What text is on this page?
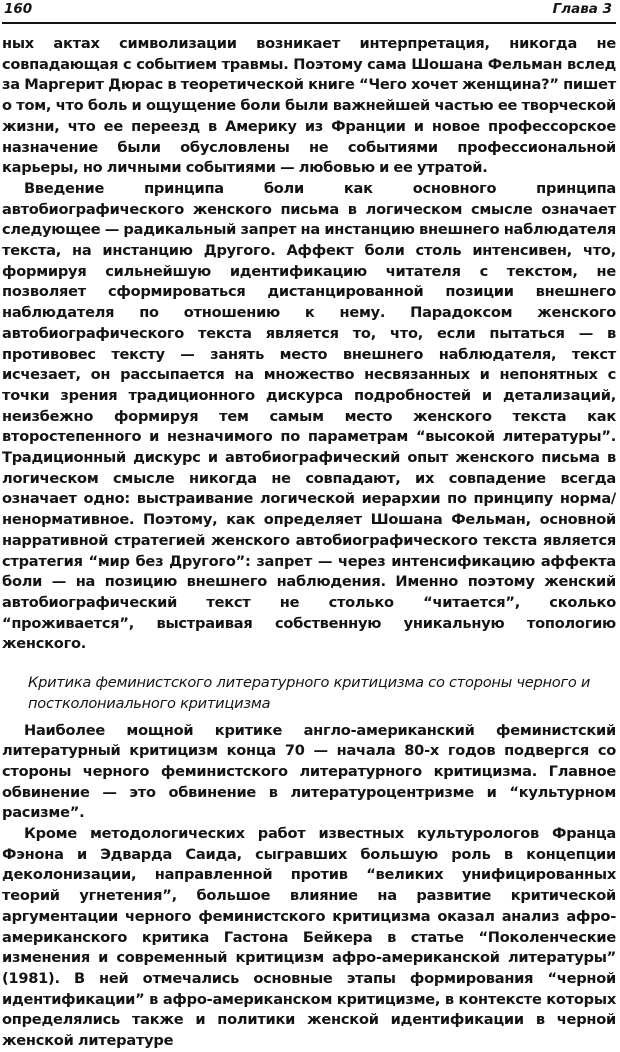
160	Глава 3

ных актах символизации возникает интерпретация, никогда не совпадающая с событием травмы. Поэтому сама Шошана Фельман вслед за Маргерит Дюрас в теоретической книге “Чего хочет женщина?” пишет о том, что боль и ощущение боли были важнейшей частью ее творческой жизни, что ее переезд в Америку из Франции и новое профессорское назначение были обусловлены не событиями профессиональной карьеры, но личными событиями — любовью и ее утратой.

Введение принципа боли как основного принципа автобиографического женского письма в логическом смысле означает следующее — радикальный запрет на инстанцию внешнего наблюдателя текста, на инстанцию Другого. Аффект боли столь интенсивен, что, формируя сильнейшую идентификацию читателя с текстом, не позволяет сформироваться дистанцированной позиции внешнего наблюдателя по отношению к нему. Парадоксом женского автобиографического текста является то, что, если пытаться — в противовес тексту — занять место внешнего наблюдателя, текст исчезает, он рассыпается на множество несвязанных и непонятных с точки зрения традиционного дискурса подробностей и детализаций, неизбежно формируя тем самым место женского текста как второстепенного и незначимого по параметрам “высокой литературы”. Традиционный дискурс и автобиографический опыт женского письма в логическом смысле никогда не совпадают, их совпадение всегда означает одно: выстраивание логической иерархии по принципу норма/ненормативное. Поэтому, как определяет Шошана Фельман, основной нарративной стратегией женского автобиографического текста является стратегия “мир без Другого”: запрет — через интенсификацию аффекта боли — на позицию внешнего наблюдения. Именно поэтому женский автобиографический текст не столько “читается”, сколько “проживается”, выстраивая собственную уникальную топологию женского.

Критика феминистского литературного критицизма со стороны черного и постколониального критицизма

Наиболее мощной критике англо-американский феминистский литературный критицизм конца 70 — начала 80-х годов подвергся со стороны черного феминистского литературного критицизма. Главное обвинение — это обвинение в литературоцентризме и “культурном расизме”.

Кроме методологических работ известных культурологов Франца Фэнона и Эдварда Саида, сыгравших большую роль в концепции деколонизации, направленной против “великих унифицированных теорий угнетения”, большое влияние на развитие критической аргументации черного феминистского критицизма оказал анализ афро-американского критика Гастона Бейкера в статье “Поколенческие изменения и современный критицизм афро-американской литературы” (1981). В ней отмечались основные этапы формирования “черной идентификации” в афро-американском критицизме, в контексте которых определялись также и политики женской идентификации в черной женской литературе
